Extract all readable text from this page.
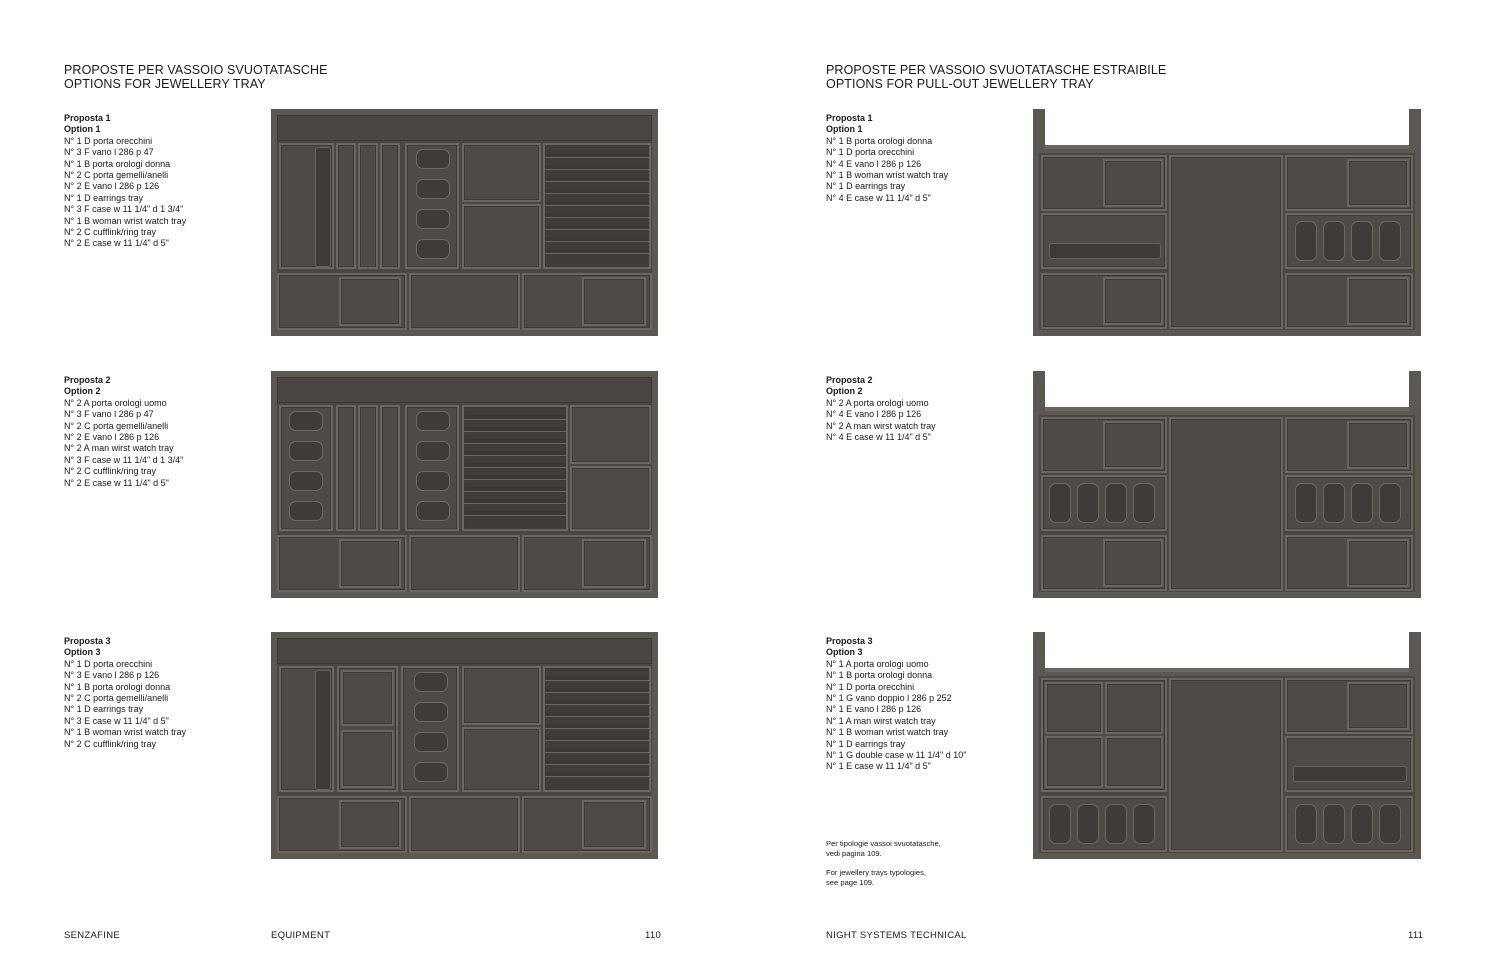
PROPOSTE PER VASSOIO SVUOTATASCHE
OPTIONS FOR JEWELLERY TRAY
Proposta 1
Option 1
N° 1 D porta orecchini
N° 3 F vano l 286 p 47
N° 1 B porta orologi donna
N° 2 C porta gemelli/anelli
N° 2 E vano l 286 p 126
N° 1 D earrings tray
N° 3 F case w 11 1/4" d 1 3/4"
N° 1 B woman wrist watch tray
N° 2 C cufflink/ring tray
N° 2 E case w 11 1/4" d 5"
Proposta 2
Option 2
N° 2 A porta orologi uomo
N° 3 F vano l 286 p 47
N° 2 C porta gemelli/anelli
N° 2 E vano l 286 p 126
N° 2 A man wirst watch tray
N° 3 F case w 11 1/4" d 1 3/4"
N° 2 C cufflink/ring tray
N° 2 E case w 11 1/4" d 5"
Proposta 3
Option 3
N° 1 D porta orecchini
N° 3 E vano l 286 p 126
N° 1 B porta orologi donna
N° 2 C porta gemelli/anelli
N° 1 D earrings tray
N° 3 E case w 11 1/4" d 5"
N° 1 B woman wrist watch tray
N° 2 C cufflink/ring tray
SENZAFINE	EQUIPMENT	110
PROPOSTE PER VASSOIO SVUOTATASCHE ESTRAIBILE
OPTIONS FOR PULL-OUT JEWELLERY TRAY
Proposta 1
Option 1
N° 1 B porta orologi donna
N° 1 D porta orecchini
N° 4 E vano l 286 p 126
N° 1 B woman wrist watch tray
N° 1 D earrings tray
N° 4 E case w 11 1/4" d 5"
Proposta 2
Option 2
N° 2 A porta orologi uomo
N° 4 E vano l 286 p 126
N° 2 A man wirst watch tray
N° 4 E case w 11 1/4" d 5"
Proposta 3
Option 3
N° 1 A porta orologi uomo
N° 1 B porta orologi donna
N° 1 D porta orecchini
N° 1 G vano doppio l 286 p 252
N° 1 E vano l 286 p 126
N° 1 A man wirst watch tray
N° 1 B woman wrist watch tray
N° 1 D earrings tray
N° 1 G double case w 11 1/4" d 10"
N° 1 E case w 11 1/4" d 5"
Per tipologie vassoi svuotatasche,
vedi pagina 109.
For jewellery trays typologies,
see page 109.
NIGHT SYSTEMS TECHNICAL	111
